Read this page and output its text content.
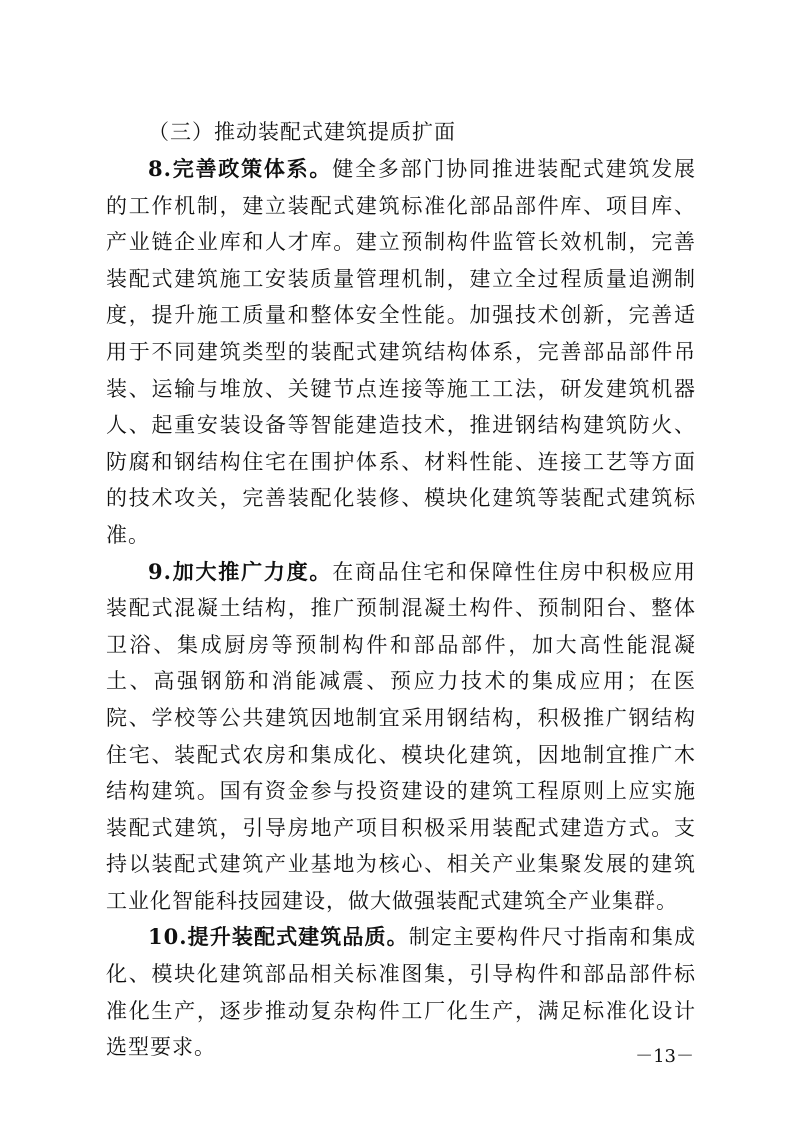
（三）推动装配式建筑提质扩面

8.完善政策体系。健全多部门协同推进装配式建筑发展的工作机制，建立装配式建筑标准化部品部件库、项目库、产业链企业库和人才库。建立预制构件监管长效机制，完善装配式建筑施工安装质量管理机制，建立全过程质量追溯制度，提升施工质量和整体安全性能。加强技术创新，完善适用于不同建筑类型的装配式建筑结构体系，完善部品部件吊装、运输与堆放、关键节点连接等施工工法，研发建筑机器人、起重安装设备等智能建造技术，推进钢结构建筑防火、防腐和钢结构住宅在围护体系、材料性能、连接工艺等方面的技术攻关，完善装配化装修、模块化建筑等装配式建筑标准。

9.加大推广力度。在商品住宅和保障性住房中积极应用装配式混凝土结构，推广预制混凝土构件、预制阳台、整体卫浴、集成厨房等预制构件和部品部件，加大高性能混凝土、高强钢筋和消能减震、预应力技术的集成应用；在医院、学校等公共建筑因地制宜采用钢结构，积极推广钢结构住宅、装配式农房和集成化、模块化建筑，因地制宜推广木结构建筑。国有资金参与投资建设的建筑工程原则上应实施装配式建筑，引导房地产项目积极采用装配式建造方式。支持以装配式建筑产业基地为核心、相关产业集聚发展的建筑工业化智能科技园建设，做大做强装配式建筑全产业集群。

10.提升装配式建筑品质。制定主要构件尺寸指南和集成化、模块化建筑部品相关标准图集，引导构件和部品部件标准化生产，逐步推动复杂构件工厂化生产，满足标准化设计选型要求。	－13－
